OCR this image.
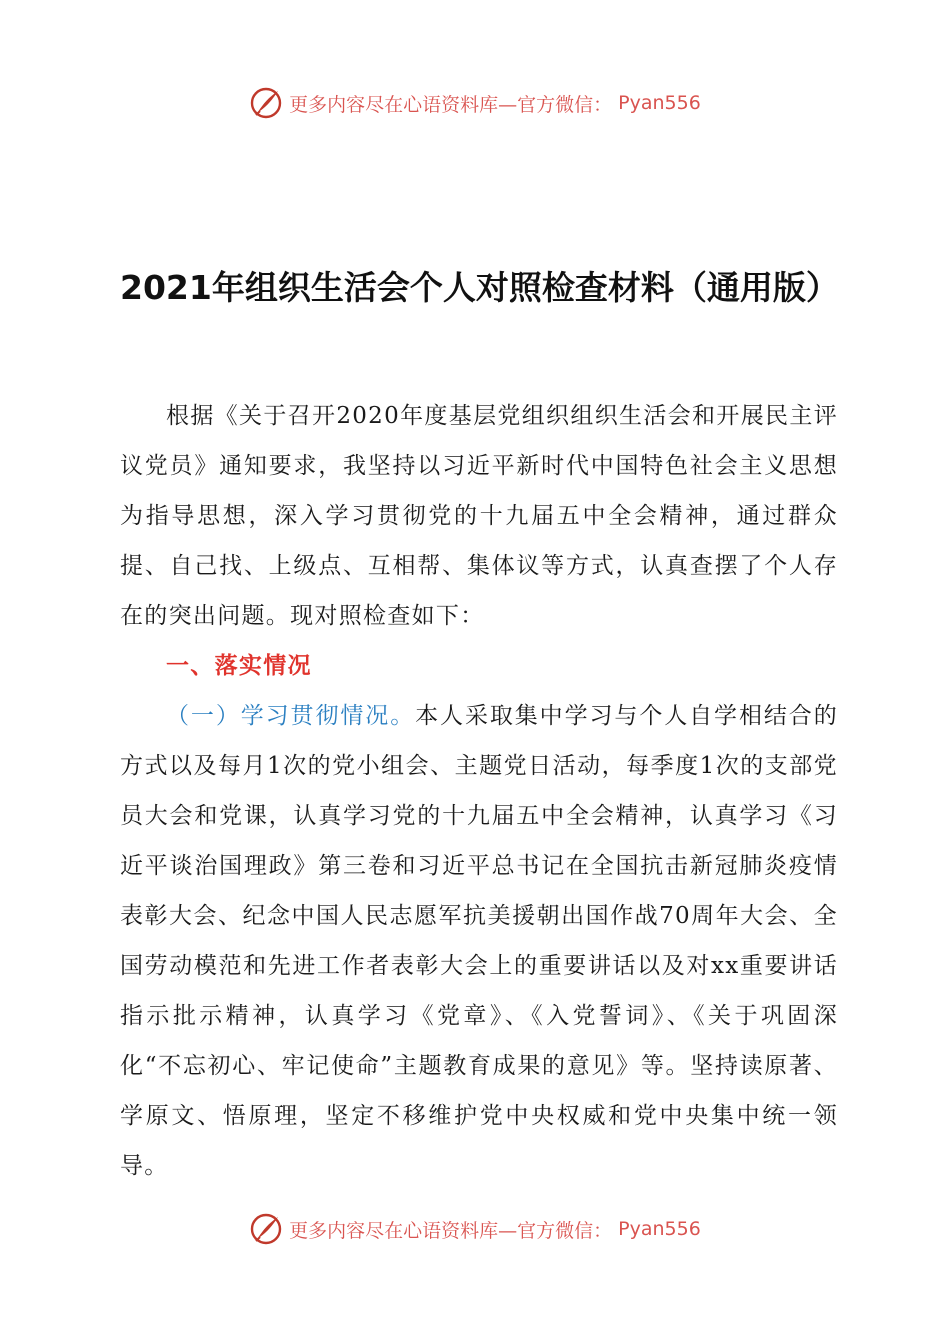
更多内容尽在心语资料库—官方微信： Pyan556
2021年组织生活会个人对照检查材料（通用版）

根据《关于召开2020年度基层党组织组织生活会和开展民主评议党员》通知要求，我坚持以习近平新时代中国特色社会主义思想为指导思想，深入学习贯彻党的十九届五中全会精神，通过群众提、自己找、上级点、互相帮、集体议等方式，认真查摆了个人存在的突出问题。现对照检查如下：

一、落实情况

（一）学习贯彻情况。本人采取集中学习与个人自学相结合的方式以及每月1次的党小组会、主题党日活动，每季度1次的支部党员大会和党课，认真学习党的十九届五中全会精神，认真学习《习近平谈治国理政》第三卷和习近平总书记在全国抗击新冠肺炎疫情表彰大会、纪念中国人民志愿军抗美援朝出国作战70周年大会、全国劳动模范和先进工作者表彰大会上的重要讲话以及对xx重要讲话指示批示精神，认真学习《党章》、《入党誓词》、《关于巩固深化“不忘初心、牢记使命”主题教育成果的意见》等。坚持读原著、学原文、悟原理，坚定不移维护党中央权威和党中央集中统一领导。

更多内容尽在心语资料库—官方微信： Pyan556
